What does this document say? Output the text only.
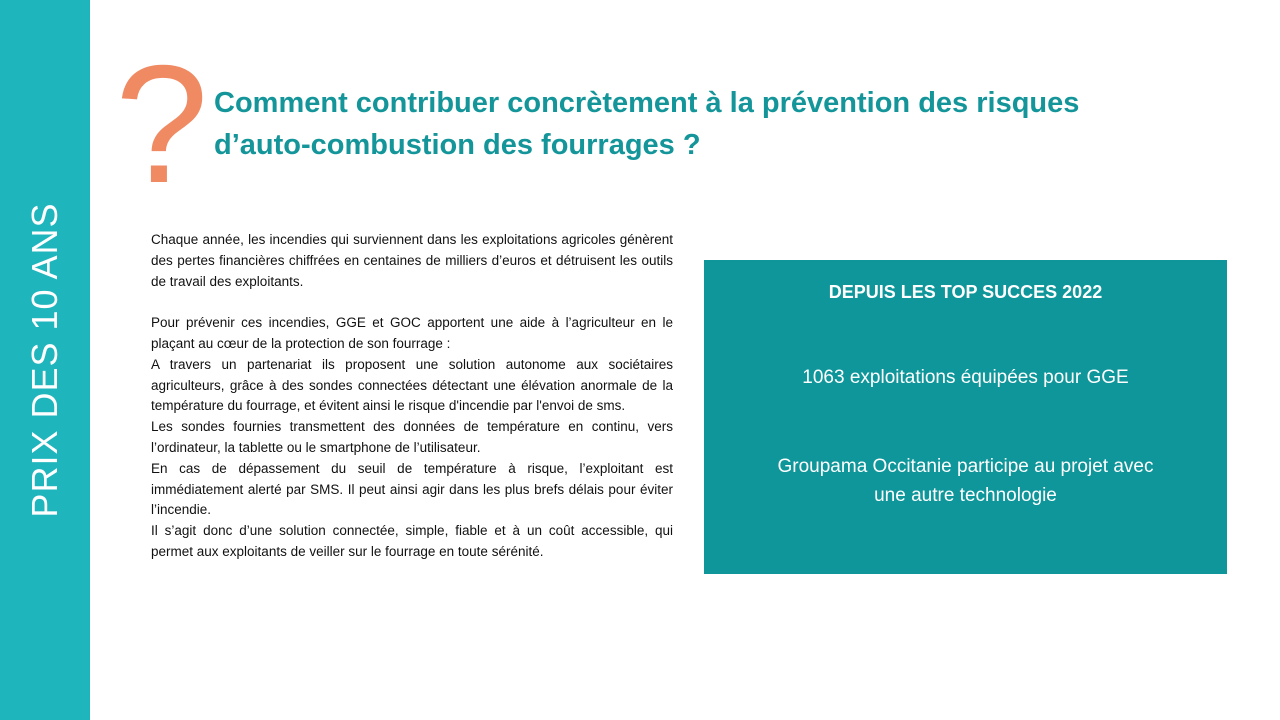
PRIX DES 10 ANS
? Comment contribuer concrètement à la prévention des risques
d’auto-combustion des fourrages ?

Chaque année, les incendies qui surviennent dans les exploitations agricoles génèrent des pertes financières chiffrées en centaines de milliers d’euros et détruisent les outils de travail des exploitants.

Pour prévenir ces incendies, GGE et GOC apportent une aide à l’agriculteur en le plaçant au cœur de la protection de son fourrage :

A travers un partenariat ils proposent une solution autonome aux sociétaires agriculteurs, grâce à des sondes connectées détectant une élévation anormale de la température du fourrage, et évitent ainsi le risque d'incendie par l'envoi de sms.

Les sondes fournies transmettent des données de température en continu, vers l’ordinateur, la tablette ou le smartphone de l’utilisateur.

En cas de dépassement du seuil de température à risque, l’exploitant est immédiatement alerté par SMS. Il peut ainsi agir dans les plus brefs délais pour éviter l’incendie.

Il s’agit donc d’une solution connectée, simple, fiable et à un coût accessible, qui permet aux exploitants de veiller sur le fourrage en toute sérénité.

DEPUIS LES TOP SUCCES 2022
1063 exploitations équipées pour GGE
Groupama Occitanie participe au projet avec
une autre technologie
